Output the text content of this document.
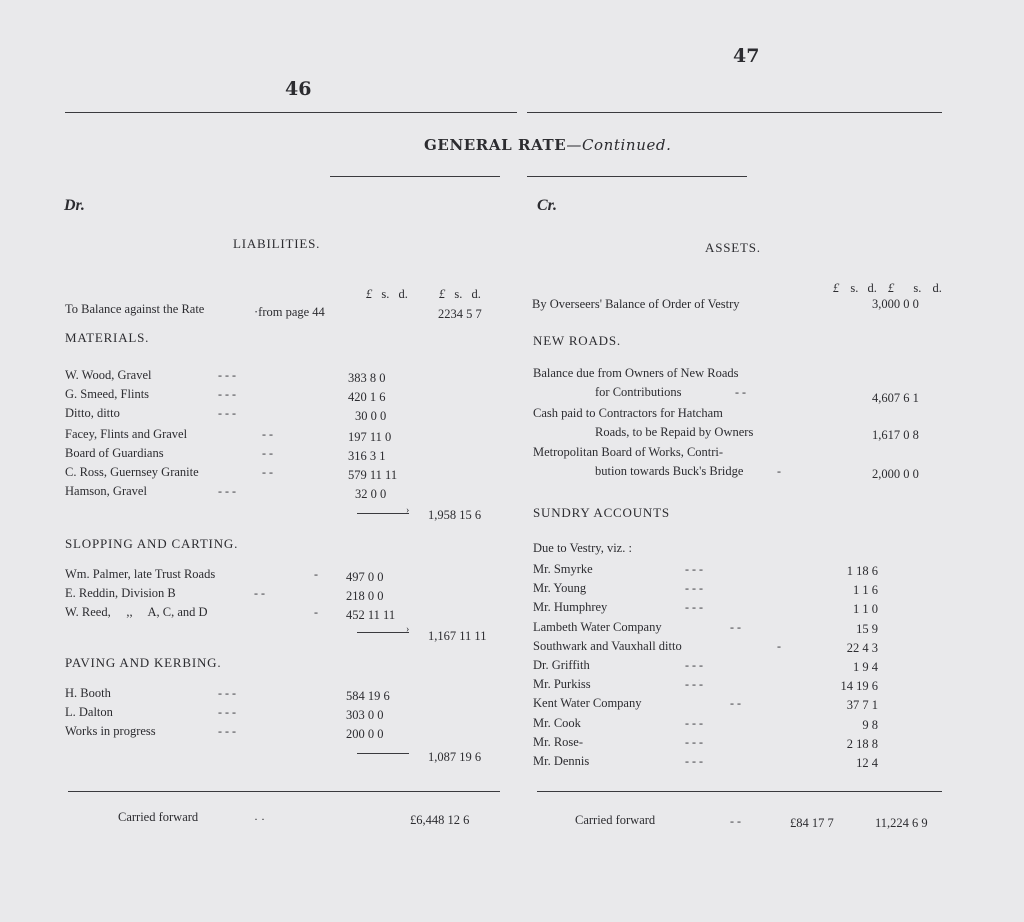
46
47
GENERAL RATE—Continued.
Dr.	Cr.
LIABILITIES.	ASSETS.
£ s. d. £ s. d.	£ s. d. £ s. d.
To Balance against the Rate	·from page 44	2234 5 7
MATERIALS.
W. Wood, Gravel	- - -	383 8 0
G. Smeed, Flints	- - -	420 1 6
Ditto, ditto	- - -	30 0 0
Facey, Flints and Gravel	- -	197 11 0
Board of Guardians	- -	316 3 1
C. Ross, Guernsey Granite	- -	579 11 11
Hamson, Gravel	- - -	32 0 0
› 1,958 15 6
SLOPPING AND CARTING.
Wm. Palmer, late Trust Roads	- 497 0 0
E. Reddin, Division B	- -	218 0 0
W. Reed,     ,,     A, C, and D	- 452 11 11
› 1,167 11 11
PAVING AND KERBING.
H. Booth	- - -	584 19 6
L. Dalton	- - -	303 0 0
Works in progress	- - -	200 0 0
1,087 19 6
Carried forward	· ·	£6,448 12 6
By Overseers' Balance of Order of Vestry	3,000 0 0
NEW ROADS.
Balance due from Owners of New Roads
for Contributions	- -	4,607 6 1
Cash paid to Contractors for Hatcham
Roads, to be Repaid by Owners	1,617 0 8
Metropolitan Board of Works, Contri-
bution towards Buck's Bridge	-	2,000 0 0
SUNDRY ACCOUNTS
Due to Vestry, viz. :
Mr. Smyrke	- - -	1 18 6
Mr. Young	- - -	1 1 6
Mr. Humphrey	- - -	1 1 0
Lambeth Water Company	- -	15 9
Southwark and Vauxhall ditto	-	22 4 3
Dr. Griffith	- - -	1 9 4
Mr. Purkiss	- - -	14 19 6
Kent Water Company	- -	37 7 1
Mr. Cook	- - -	9 8
Mr. Rose-	- - -	2 18 8
Mr. Dennis	- - -	12 4
Carried forward	- -	£84 17 7	11,224 6 9
